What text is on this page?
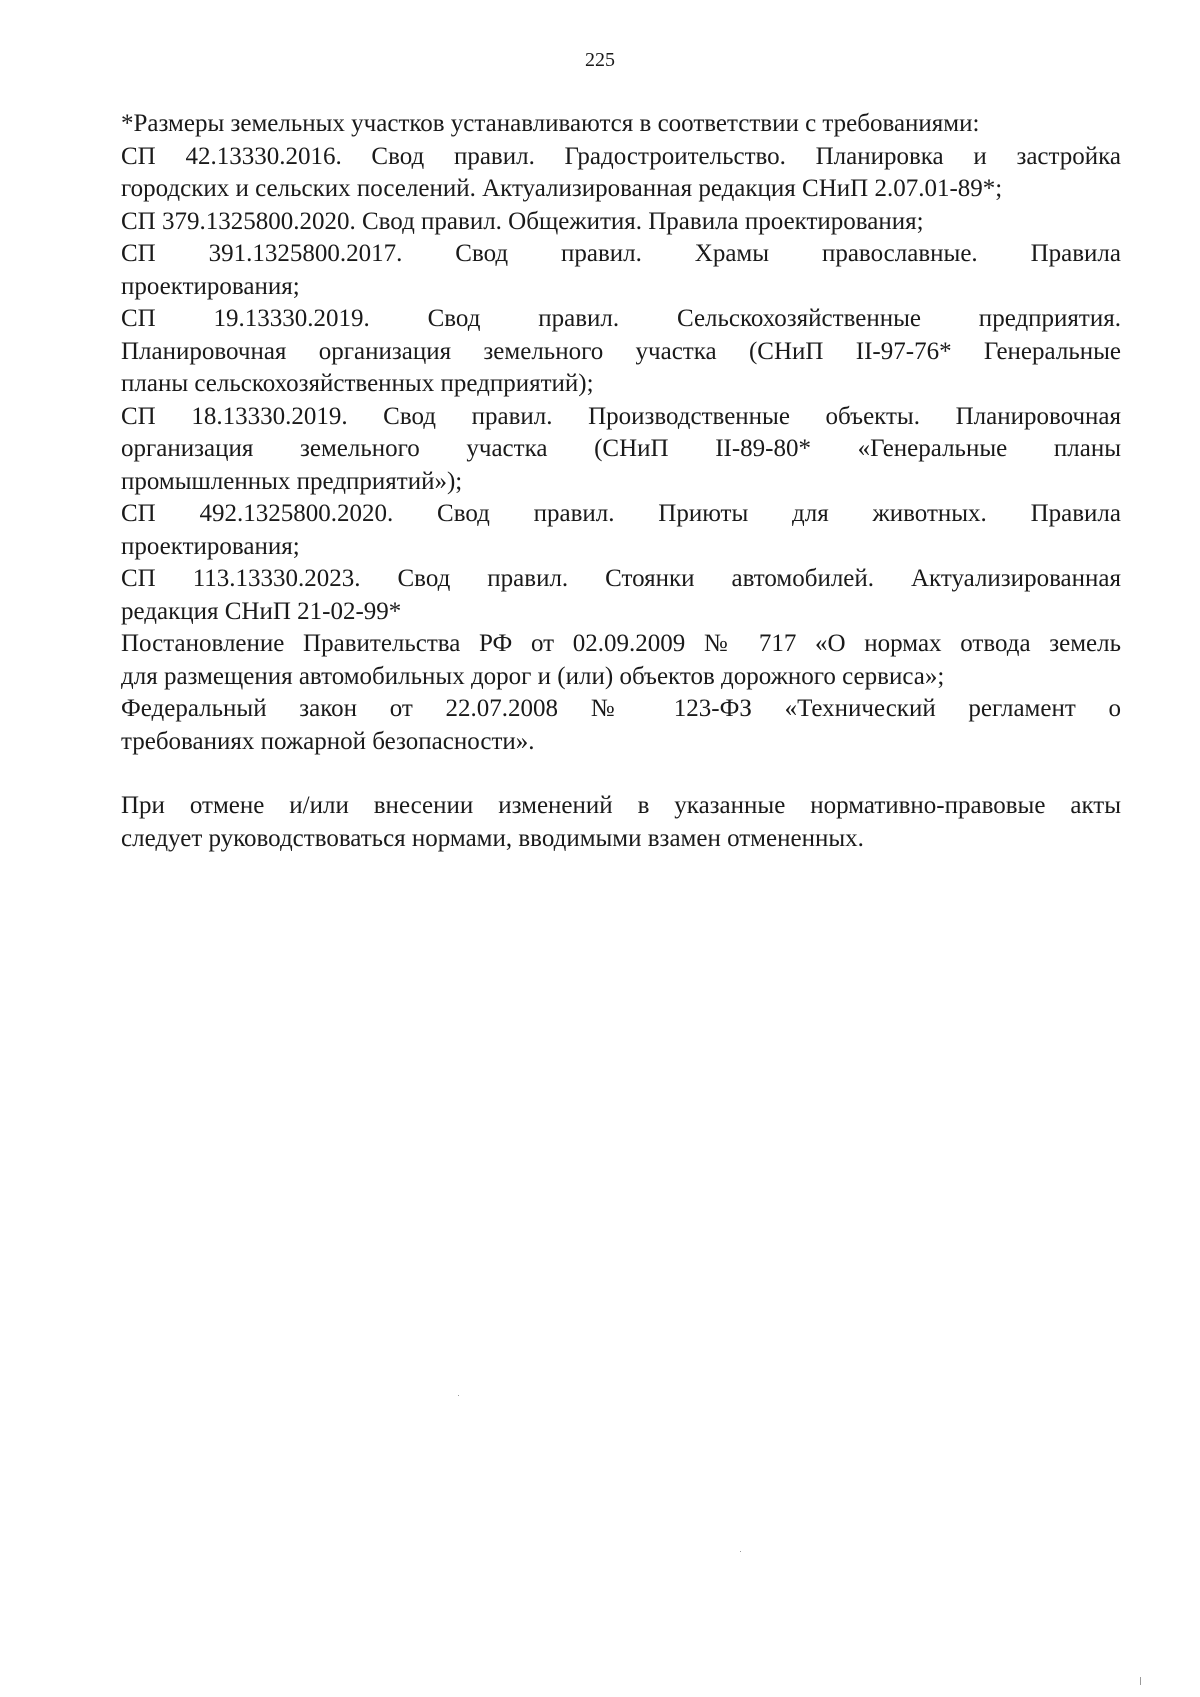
225
*Размеры земельных участков устанавливаются в соответствии с требованиями:
СП 42.13330.2016. Свод правил. Градостроительство. Планировка и застройка
городских и сельских поселений. Актуализированная редакция СНиП 2.07.01-89*;
СП 379.1325800.2020. Свод правил. Общежития. Правила проектирования;
СП 391.1325800.2017. Свод правил. Храмы православные. Правила
проектирования;
СП 19.13330.2019. Свод правил. Сельскохозяйственные предприятия.
Планировочная организация земельного участка (СНиП II-97-76* Генеральные
планы сельскохозяйственных предприятий);
СП 18.13330.2019. Свод правил. Производственные объекты. Планировочная
организация земельного участка (СНиП II-89-80* «Генеральные планы
промышленных предприятий»);
СП 492.1325800.2020. Свод правил. Приюты для животных. Правила
проектирования;
СП 113.13330.2023. Свод правил. Стоянки автомобилей. Актуализированная
редакция СНиП 21-02-99*
Постановление Правительства РФ от 02.09.2009 № 717 «О нормах отвода земель
для размещения автомобильных дорог и (или) объектов дорожного сервиса»;
Федеральный закон от 22.07.2008 № 123-ФЗ «Технический регламент о
требованиях пожарной безопасности».
При отмене и/или внесении изменений в указанные нормативно-правовые акты
следует руководствоваться нормами, вводимыми взамен отмененных.
